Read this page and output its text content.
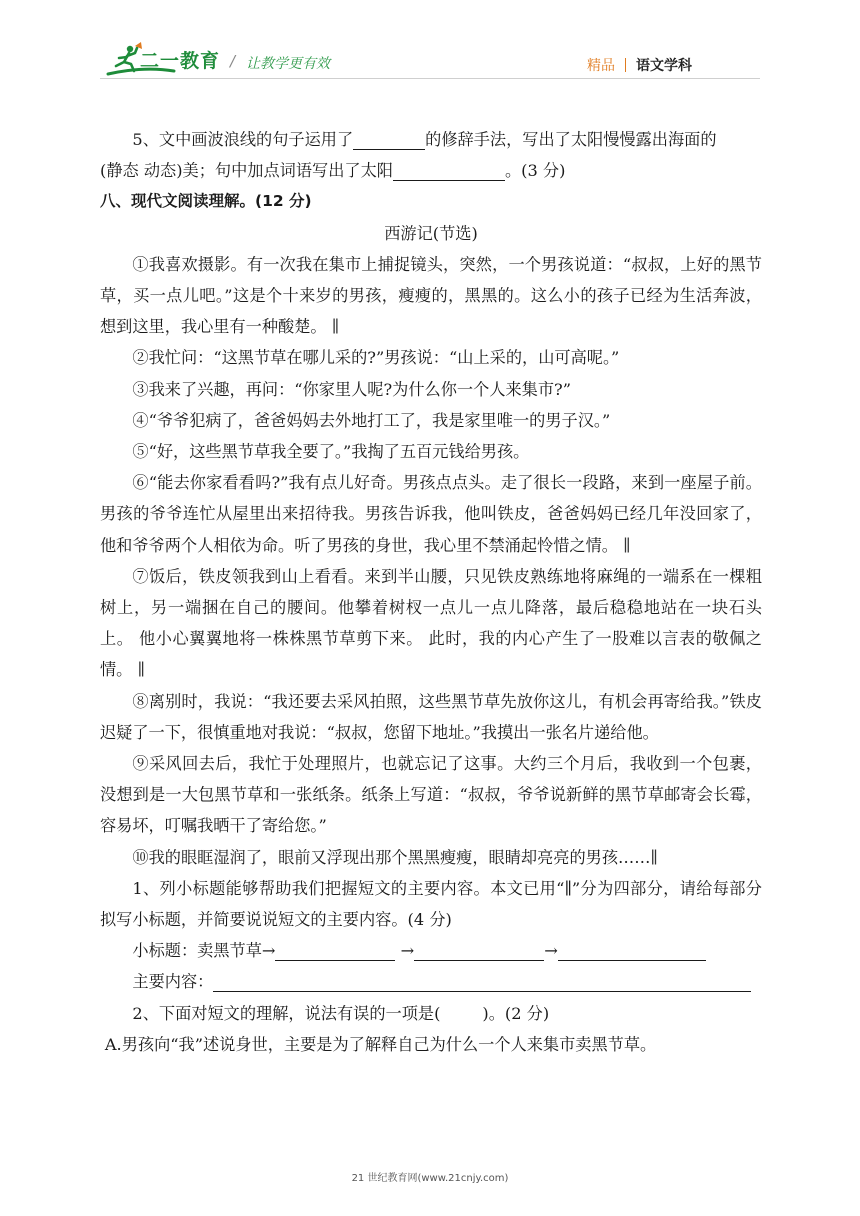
二一教育 / 让教学更有效	精品 语文学科

5、文中画波浪线的句子运用了	的修辞手法，写出了太阳慢慢露出海面的

(静态 动态)美；句中加点词语写出了太阳	。(3 分)

八、现代文阅读理解。(12 分)

西游记(节选)

①我喜欢摄影。有一次我在集市上捕捉镜头，突然，一个男孩说道：“叔叔，上好的黑节草，买一点儿吧。”这是个十来岁的男孩，瘦瘦的，黑黑的。这么小的孩子已经为生活奔波，想到这里，我心里有一种酸楚。 ∥

②我忙问：“这黑节草在哪儿采的?”男孩说：“山上采的，山可高呢。”

③我来了兴趣，再问：“你家里人呢?为什么你一个人来集市?”

④“爷爷犯病了，爸爸妈妈去外地打工了，我是家里唯一的男子汉。”

⑤“好，这些黑节草我全要了。”我掏了五百元钱给男孩。

⑥“能去你家看看吗?”我有点儿好奇。男孩点点头。走了很长一段路，来到一座屋子前。男孩的爷爷连忙从屋里出来招待我。男孩告诉我，他叫铁皮，爸爸妈妈已经几年没回家了，他和爷爷两个人相依为命。听了男孩的身世，我心里不禁涌起怜惜之情。 ∥

⑦饭后，铁皮领我到山上看看。来到半山腰，只见铁皮熟练地将麻绳的一端系在一棵粗树上，另一端捆在自己的腰间。他攀着树杈一点儿一点儿降落，最后稳稳地站在一块石头上。 他小心翼翼地将一株株黑节草剪下来。 此时，我的内心产生了一股难以言表的敬佩之情。 ∥

⑧离别时，我说：“我还要去采风拍照，这些黑节草先放你这儿，有机会再寄给我。”铁皮迟疑了一下，很慎重地对我说：“叔叔，您留下地址。”我摸出一张名片递给他。

⑨采风回去后，我忙于处理照片，也就忘记了这事。大约三个月后，我收到一个包裹，没想到是一大包黑节草和一张纸条。纸条上写道：“叔叔，爷爷说新鲜的黑节草邮寄会长霉，容易坏，叮嘱我晒干了寄给您。”

⑩我的眼眶湿润了，眼前又浮现出那个黑黑瘦瘦，眼睛却亮亮的男孩……∥

1、列小标题能够帮助我们把握短文的主要内容。本文已用“∥”分为四部分，请给每部分拟写小标题，并简要说说短文的主要内容。(4 分)

小标题：卖黑节草→	→	→

主要内容：

2、下面对短文的理解，说法有误的一项是(	)。(2 分)

A.男孩向“我”述说身世，主要是为了解释自己为什么一个人来集市卖黑节草。

21 世纪教育网(www.21cnjy.com)
